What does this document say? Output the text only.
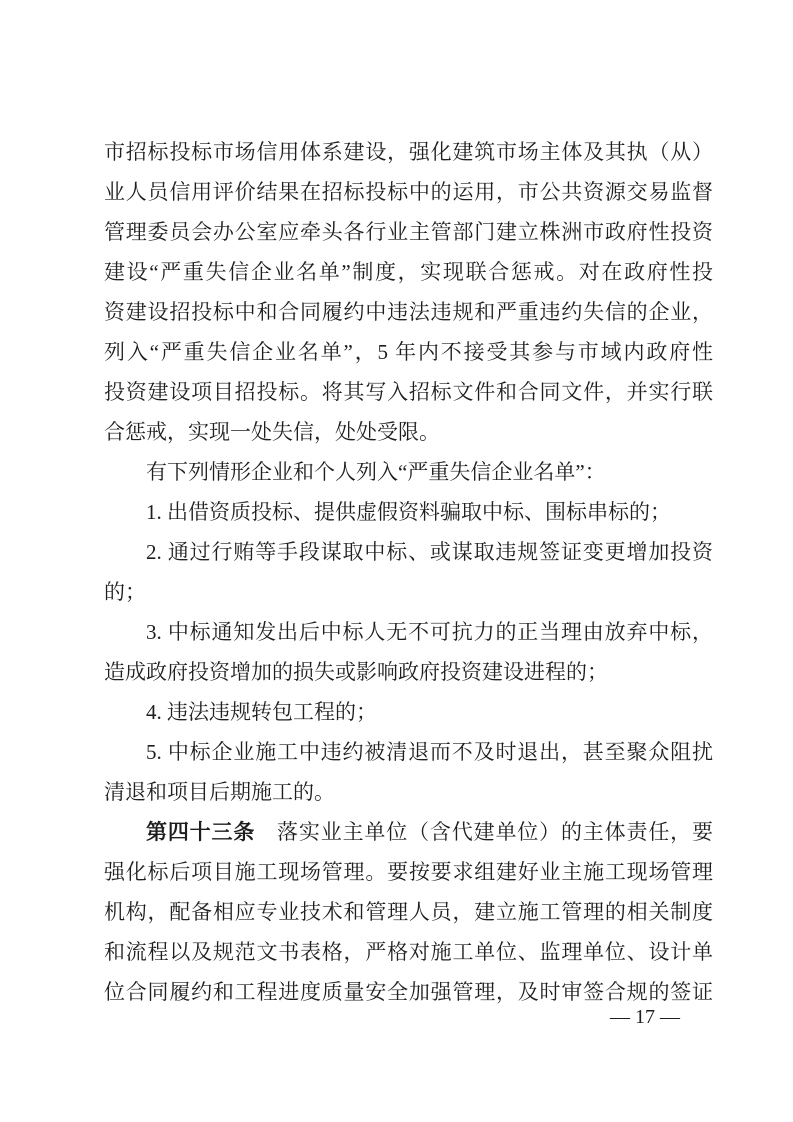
市招标投标市场信用体系建设，强化建筑市场主体及其执（从）
业人员信用评价结果在招标投标中的运用，市公共资源交易监督
管理委员会办公室应牵头各行业主管部门建立株洲市政府性投资
建设“严重失信企业名单”制度，实现联合惩戒。对在政府性投
资建设招投标中和合同履约中违法违规和严重违约失信的企业，
列入“严重失信企业名单”，5 年内不接受其参与市域内政府性
投资建设项目招投标。将其写入招标文件和合同文件，并实行联
合惩戒，实现一处失信，处处受限。
有下列情形企业和个人列入“严重失信企业名单”：
1. 出借资质投标、提供虚假资料骗取中标、围标串标的；
2. 通过行贿等手段谋取中标、或谋取违规签证变更增加投资
的；
3. 中标通知发出后中标人无不可抗力的正当理由放弃中标，
造成政府投资增加的损失或影响政府投资建设进程的；
4. 违法违规转包工程的；
5. 中标企业施工中违约被清退而不及时退出，甚至聚众阻扰
清退和项目后期施工的。
第四十三条　落实业主单位（含代建单位）的主体责任，要
强化标后项目施工现场管理。要按要求组建好业主施工现场管理
机构，配备相应专业技术和管理人员，建立施工管理的相关制度
和流程以及规范文书表格，严格对施工单位、监理单位、设计单
位合同履约和工程进度质量安全加强管理，及时审签合规的签证
— 17 —
